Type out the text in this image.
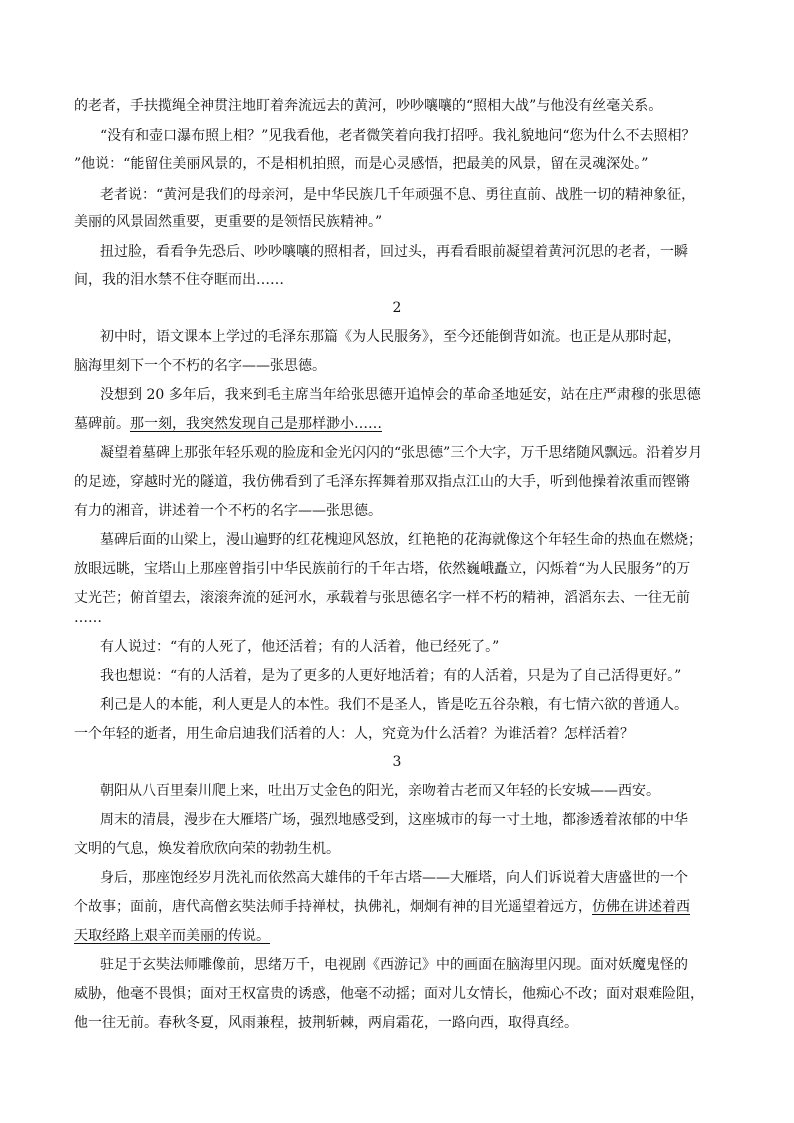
的老者，手扶揽绳全神贯注地盯着奔流远去的黄河，吵吵嚷嚷的“照相大战”与他没有丝毫关系。
“没有和壶口瀑布照上相？”见我看他，老者微笑着向我打招呼。我礼貌地问“您为什么不去照相？
”他说：“能留住美丽风景的，不是相机拍照，而是心灵感悟，把最美的风景，留在灵魂深处。”
老者说：“黄河是我们的母亲河，是中华民族几千年顽强不息、勇往直前、战胜一切的精神象征，
美丽的风景固然重要，更重要的是领悟民族精神。”
扭过脸，看看争先恐后、吵吵嚷嚷的照相者，回过头，再看看眼前凝望着黄河沉思的老者，一瞬
间，我的泪水禁不住夺眶而出……
2
初中时，语文课本上学过的毛泽东那篇《为人民服务》，至今还能倒背如流。也正是从那时起，
脑海里刻下一个不朽的名字——张思德。
没想到 20 多年后，我来到毛主席当年给张思德开追悼会的革命圣地延安，站在庄严肃穆的张思德
墓碑前。那一刻，我突然发现自己是那样渺小……
凝望着墓碑上那张年轻乐观的脸庞和金光闪闪的“张思德”三个大字，万千思绪随风飘远。沿着岁月
的足迹，穿越时光的隧道，我仿佛看到了毛泽东挥舞着那双指点江山的大手，听到他操着浓重而铿锵
有力的湘音，讲述着一个不朽的名字——张思德。
墓碑后面的山梁上，漫山遍野的红花槐迎风怒放，红艳艳的花海就像这个年轻生命的热血在燃烧；
放眼远眺，宝塔山上那座曾指引中华民族前行的千年古塔，依然巍峨矗立，闪烁着“为人民服务”的万
丈光芒；俯首望去，滚滚奔流的延河水，承载着与张思德名字一样不朽的精神，滔滔东去、一往无前
……
有人说过：“有的人死了，他还活着；有的人活着，他已经死了。”
我也想说：“有的人活着，是为了更多的人更好地活着；有的人活着，只是为了自己活得更好。”
利己是人的本能，利人更是人的本性。我们不是圣人，皆是吃五谷杂粮，有七情六欲的普通人。
一个年轻的逝者，用生命启迪我们活着的人：人，究竟为什么活着？为谁活着？怎样活着？
3
朝阳从八百里秦川爬上来，吐出万丈金色的阳光，亲吻着古老而又年轻的长安城——西安。
周末的清晨，漫步在大雁塔广场，强烈地感受到，这座城市的每一寸土地，都渗透着浓郁的中华
文明的气息，焕发着欣欣向荣的勃勃生机。
身后，那座饱经岁月洗礼而依然高大雄伟的千年古塔——大雁塔，向人们诉说着大唐盛世的一个
个故事；面前，唐代高僧玄奘法师手持禅杖，执佛礼，炯炯有神的目光遥望着远方，仿佛在讲述着西
天取经路上艰辛而美丽的传说。
驻足于玄奘法师雕像前，思绪万千，电视剧《西游记》中的画面在脑海里闪现。面对妖魔鬼怪的
威胁，他毫不畏惧；面对王权富贵的诱惑，他毫不动摇；面对儿女情长，他痴心不改；面对艰难险阻，
他一往无前。春秋冬夏，风雨兼程，披荆斩棘，两肩霜花，一路向西，取得真经。
